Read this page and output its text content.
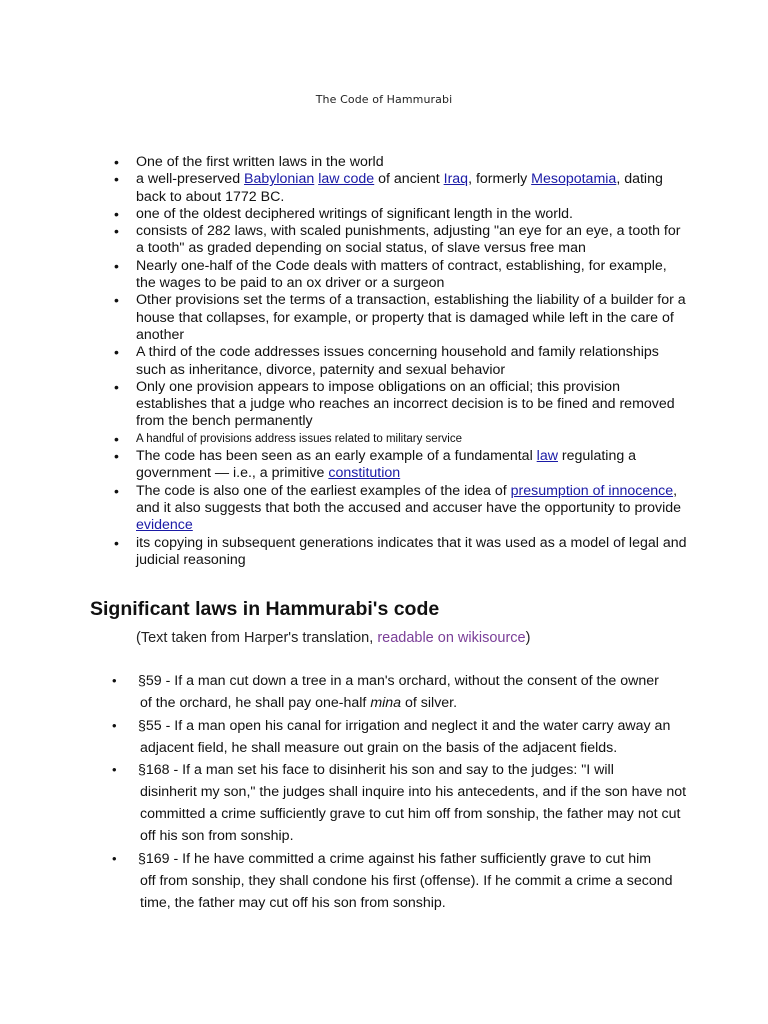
The Code of Hammurabi
• One of the first written laws in the world
• a well-preserved Babylonian law code of ancient Iraq, formerly Mesopotamia, dating back to about 1772 BC.
• one of the oldest deciphered writings of significant length in the world.
• consists of 282 laws, with scaled punishments, adjusting "an eye for an eye, a tooth for a tooth" as graded depending on social status, of slave versus free man
• Nearly one-half of the Code deals with matters of contract, establishing, for example, the wages to be paid to an ox driver or a surgeon
• Other provisions set the terms of a transaction, establishing the liability of a builder for a house that collapses, for example, or property that is damaged while left in the care of another
• A third of the code addresses issues concerning household and family relationships such as inheritance, divorce, paternity and sexual behavior
• Only one provision appears to impose obligations on an official; this provision establishes that a judge who reaches an incorrect decision is to be fined and removed from the bench permanently
• A handful of provisions address issues related to military service
• The code has been seen as an early example of a fundamental law regulating a government — i.e., a primitive constitution
• The code is also one of the earliest examples of the idea of presumption of innocence, and it also suggests that both the accused and accuser have the opportunity to provide evidence
• its copying in subsequent generations indicates that it was used as a model of legal and judicial reasoning
Significant laws in Hammurabi's code
(Text taken from Harper's translation, readable on wikisource)
• §59 - If a man cut down a tree in a man's orchard, without the consent of the owner
of the orchard, he shall pay one-half mina of silver.
• §55 - If a man open his canal for irrigation and neglect it and the water carry away an
adjacent field, he shall measure out grain on the basis of the adjacent fields.
• §168 - If a man set his face to disinherit his son and say to the judges: "I will
disinherit my son," the judges shall inquire into his antecedents, and if the son have not committed a crime sufficiently grave to cut him off from sonship, the father may not cut off his son from sonship.
• §169 - If he have committed a crime against his father sufficiently grave to cut him
off from sonship, they shall condone his first (offense). If he commit a crime a second time, the father may cut off his son from sonship.
